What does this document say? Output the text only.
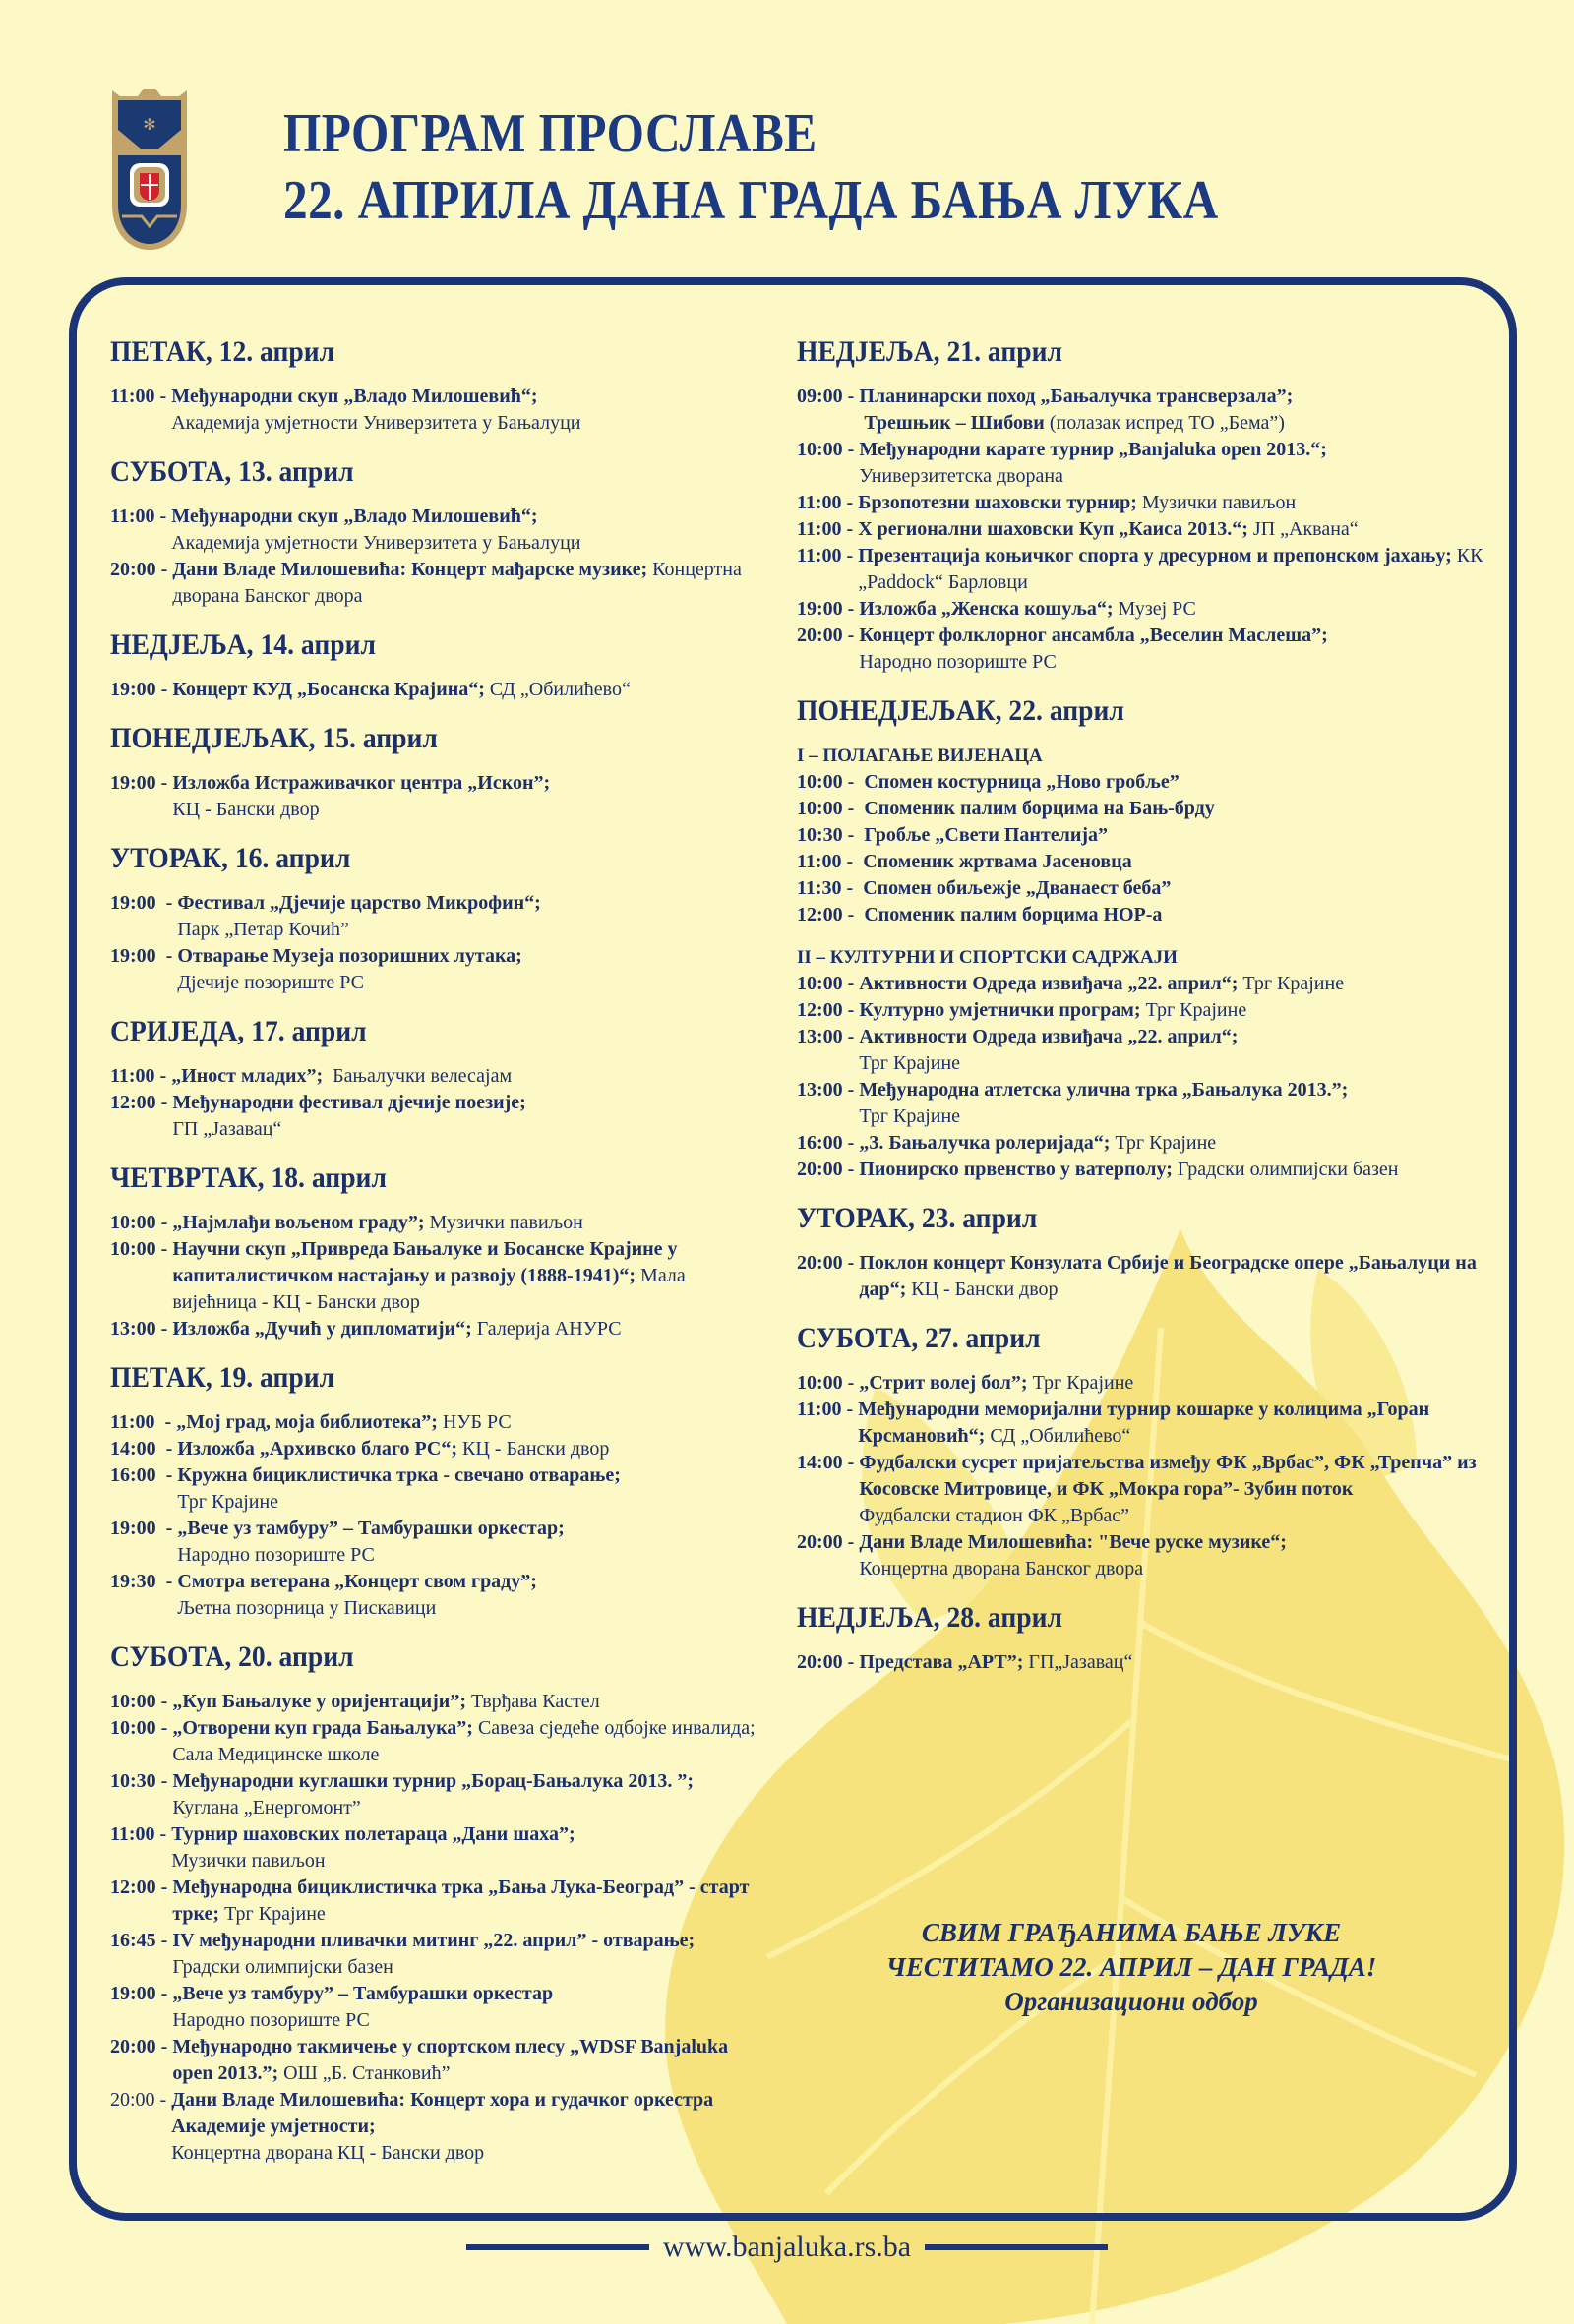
✻ ПРОГРАМ ПРОСЛАВЕ
22. АПРИЛА ДАНА ГРАДА БАЊА ЛУКА
ПЕТАК, 12. април
11:00 - Међународни скуп „Владо Милошевић“;
Академија умјетности Универзитета у Бањалуци
СУБОТА, 13. април
11:00 - Међународни скуп „Владо Милошевић“;
Академија умјетности Универзитета у Бањалуци
20:00 - Дани Владе Милошевића: Концерт мађарске музике; Концертна дворана Банског двора
НЕДЈЕЉА, 14. април
19:00 - Концерт КУД „Босанска Крајина“; СД „Обилићево“
ПОНЕДЈЕЉАК, 15. април
19:00 - Изложба Истраживачког центра „Искон”;
КЦ - Бански двор
УТОРАК, 16. април
19:00  - Фестивал „Дјечије царство Микрофин“;
Парк „Петар Кочић”
19:00  - Отварање Музеја позоришних лутака;
Дјечије позориште РС
СРИЈЕДА, 17. април
11:00 - „Иност младих”;  Бањалучки велесајам
12:00 - Међународни фестивал дјечије поезије;
ГП „Јазавац“
ЧЕТВРТАК, 18. април
10:00 - „Најмлађи вољеном граду”; Музички павиљон
10:00 - Научни скуп „Привреда Бањалуке и Босанске Крајине у капиталистичком настајању и развоју (1888-1941)“; Мала вијећница - КЦ - Бански двор
13:00 - Изложба „Дучић у дипломатији“; Галерија АНУРС
ПЕТАК, 19. април
11:00  - „Мој град, моја библиотека”; НУБ РС
14:00  - Изложба „Архивско благо РС“; КЦ - Бански двор
16:00  - Кружна бициклистичка трка - свечано отварање;
Трг Крајине
19:00  - „Вече уз тамбуру” – Тамбурашки оркестар;
Народно позориште РС
19:30  - Смотра ветерана „Концерт свом граду”;
Љетна позорница у Пискавици
СУБОТА, 20. април
10:00 - „Куп Бањалуке у оријентацији”; Тврђава Кастел
10:00 - „Отворени куп града Бањалука”; Савеза сједеће одбојке инвалида; Сала Медицинске школе
10:30 - Међународни куглашки турнир „Борац-Бањалука 2013. ”; Куглана „Енергомонт”
11:00 - Турнир шаховских полетараца „Дани шаха”;
Музички павиљон
12:00 - Међународна бициклистичка трка „Бања Лука-Београд” - старт трке; Трг Крајине
16:45 - IV међународни пливачки митинг „22. април” - отварање; Градски олимпијски базен
19:00 - „Вече уз тамбуру” – Тамбурашки оркестар
Народно позориште РС
20:00 - Међународно такмичење у спортском плесу „WDSF Banjaluka open 2013.”; ОШ „Б. Станковић”
20:00 - Дани Владе Милошевића: Концерт хора и гудачког оркестра Академије умјетности;
Концертна дворана КЦ - Бански двор
НЕДЈЕЉА, 21. април
09:00 - Планинарски поход „Бањалучка трансверзала”;
Трешњик – Шибови (полазак испред ТО „Бема”)
10:00 - Међународни карате турнир „Banjaluka open 2013.“;
Универзитетска дворана
11:00 - Брзопотезни шаховски турнир; Музички павиљон
11:00 - X регионални шаховски Куп „Каиса 2013.“; ЈП „Аквана“
11:00 - Презентација коњичког спорта у дресурном и препонском јахању; КК „Paddock“ Барловци
19:00 - Изложба „Женска кошуља“; Музеј РС
20:00 - Концерт фолклорног ансамбла „Веселин Маслеша”;
Народно позориште РС
ПОНЕДЈЕЉАК, 22. април
I – ПОЛАГАЊЕ ВИЈЕНАЦА
10:00 - Спомен костурница „Ново гробље”
10:00 - Споменик палим борцима на Бањ-брду
10:30 - Гробље „Свети Пантелија”
11:00 - Споменик жртвама Јасеновца
11:30 - Спомен обиљежје „Дванаест беба”
12:00 - Споменик палим борцима НОР-а
II – КУЛТУРНИ И СПОРТСКИ САДРЖАЈИ
10:00 - Активности Одреда извиђача „22. април“; Трг Крајине
12:00 - Културно умјетнички програм; Трг Крајине
13:00 - Активности Одреда извиђача „22. април“;
Трг Крајине
13:00 - Међународна атлетска улична трка „Бањалука 2013.”;
Трг Крајине
16:00 - „3. Бањалучка ролеријада“; Трг Крајине
20:00 - Пионирско првенство у ватерполу; Градски олимпијски базен
УТОРАК, 23. април
20:00 - Поклон концерт Конзулата Србије и Београдске опере „Бањалуци на дар“; КЦ - Бански двор
СУБОТА, 27. април
10:00 - „Стрит волеј бол”; Трг Крајине
11:00 - Међународни меморијални турнир кошарке у колицима „Горан Крсмановић“; СД „Обилићево“
14:00 - Фудбалски сусрет пријатељства између ФК „Врбас”, ФК „Трепча” из Косовске Митровице, и ФК „Мокра гора”- Зубин поток
Фудбалски стадион ФК „Врбас”
20:00 - Дани Владе Милошевића: "Вече руске музике“;
Концертна дворана Банског двора
НЕДЈЕЉА, 28. април
20:00 - Представа „АРТ”; ГП„Јазавац“
СВИМ ГРАЂАНИМА БАЊЕ ЛУКЕ
ЧЕСТИТАМО 22. АПРИЛ – ДАН ГРАДА!
Организациони одбор
www.banjaluka.rs.ba
